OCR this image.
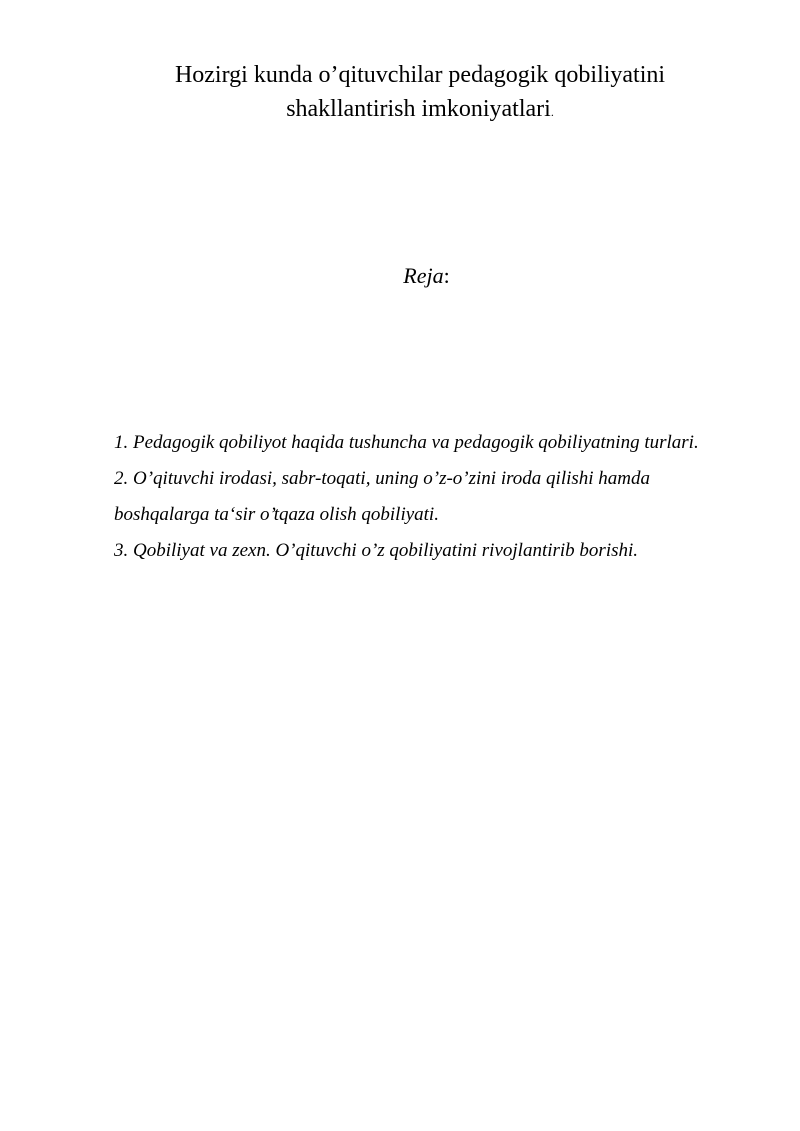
Hozirgi kunda o’qituvchilar pedagogik qobiliyatini shakllantirish imkoniyatlari.
Reja:
1. Pedagogik qobiliyot haqida tushuncha va pedagogik qobiliyatning turlari.
2. O’qituvchi irodasi, sabr-toqati, uning o’z-o’zini iroda qilishi hamda boshqalarga ta‘sir o’tqaza olish qobiliyati.
3. Qobiliyat va zexn. O’qituvchi o’z qobiliyatini rivojlantirib borishi.
